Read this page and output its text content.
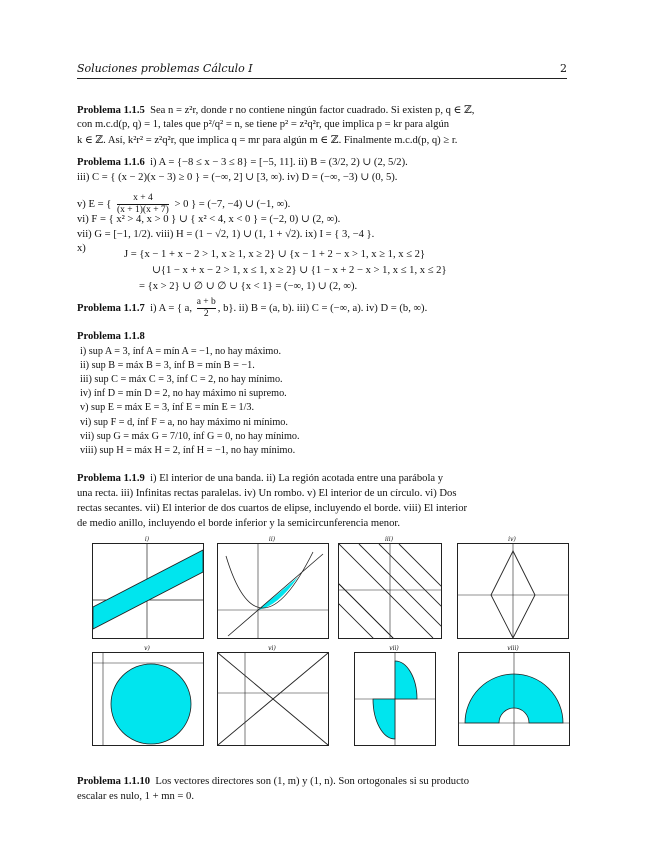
Soluciones problemas Cálculo I	2
Problema 1.1.5 Sea n = z²r, donde r no contiene ningún factor cuadrado. Si existen p, q ∈ ℤ,
con m.c.d(p, q) = 1, tales que p²/q² = n, se tiene p² = z²q²r, que implica p = kr para algún
k ∈ ℤ. Así, k²r² = z²q²r, que implica q = mr para algún m ∈ ℤ. Finalmente m.c.d(p, q) ≥ r.
Problema 1.1.6 i) A = {−8 ≤ x − 3 ≤ 8} = [−5, 11]. ii) B = (3/2, 2) ∪ (2, 5/2).
iii) C = { (x − 2)(x − 3) ≥ 0 } = (−∞, 2] ∪ [3, ∞). iv) D = (−∞, −3) ∪ (0, 5).
v) E = { $\frac{x + 4}{(x + 1)(x + 7)} > 0$ } = (−7, −4) ∪ (−1, ∞).
vi) F = { x² > 4, x > 0 } ∪ { x² < 4, x < 0 } = (−2, 0) ∪ (2, ∞).
vii) G = [−1, 1/2). viii) H = (1 − √2, 1) ∪ (1, 1 + √2). ix) I = { 3, −4 }.
x)
J = {x − 1 + x − 2 > 1, x ≥ 1, x ≥ 2} ∪ {x − 1 + 2 − x > 1, x ≥ 1, x ≤ 2}
∪{1 − x + x − 2 > 1, x ≤ 1, x ≥ 2} ∪ {1 − x + 2 − x > 1, x ≤ 1, x ≤ 2}
= {x > 2} ∪ ∅ ∪ ∅ ∪ {x < 1} = (−∞, 1) ∪ (2, ∞).
Problema 1.1.7 i) A = { a, $\frac{a + b}{2}$ , b}. ii) B = (a, b). iii) C = (−∞, a). iv) D = (b, ∞).
Problema 1.1.8
i) sup A = 3, ínf A = mín A = −1, no hay máximo.
ii) sup B = máx B = 3, ínf B = mín B = −1.
iii) sup C = máx C = 3, ínf C = 2, no hay mínimo.
iv) ínf D = mín D = 2, no hay máximo ni supremo.
v) sup E = máx E = 3, ínf E = mín E = 1/3.
vi) sup F = d, ínf F = a, no hay máximo ni mínimo.
vii) sup G = máx G = 7/10, ínf G = 0, no hay mínimo.
viii) sup H = máx H = 2, ínf H = −1, no hay mínimo.
Problema 1.1.9 i) El interior de una banda. ii) La región acotada entre una parábola y
una recta. iii) Infinitas rectas paralelas. iv) Un rombo. v) El interior de un círculo. vi) Dos
rectas secantes. vii) El interior de dos cuartos de elipse, incluyendo el borde. viii) El interior
de medio anillo, incluyendo el borde inferior y la semicircunferencia menor.
i)	ii)	iii)	iv)
v)	vi)	vii)	viii)
Problema 1.1.10 Los vectores directores son (1, m) y (1, n). Son ortogonales si su producto
escalar es nulo, 1 + mn = 0.
